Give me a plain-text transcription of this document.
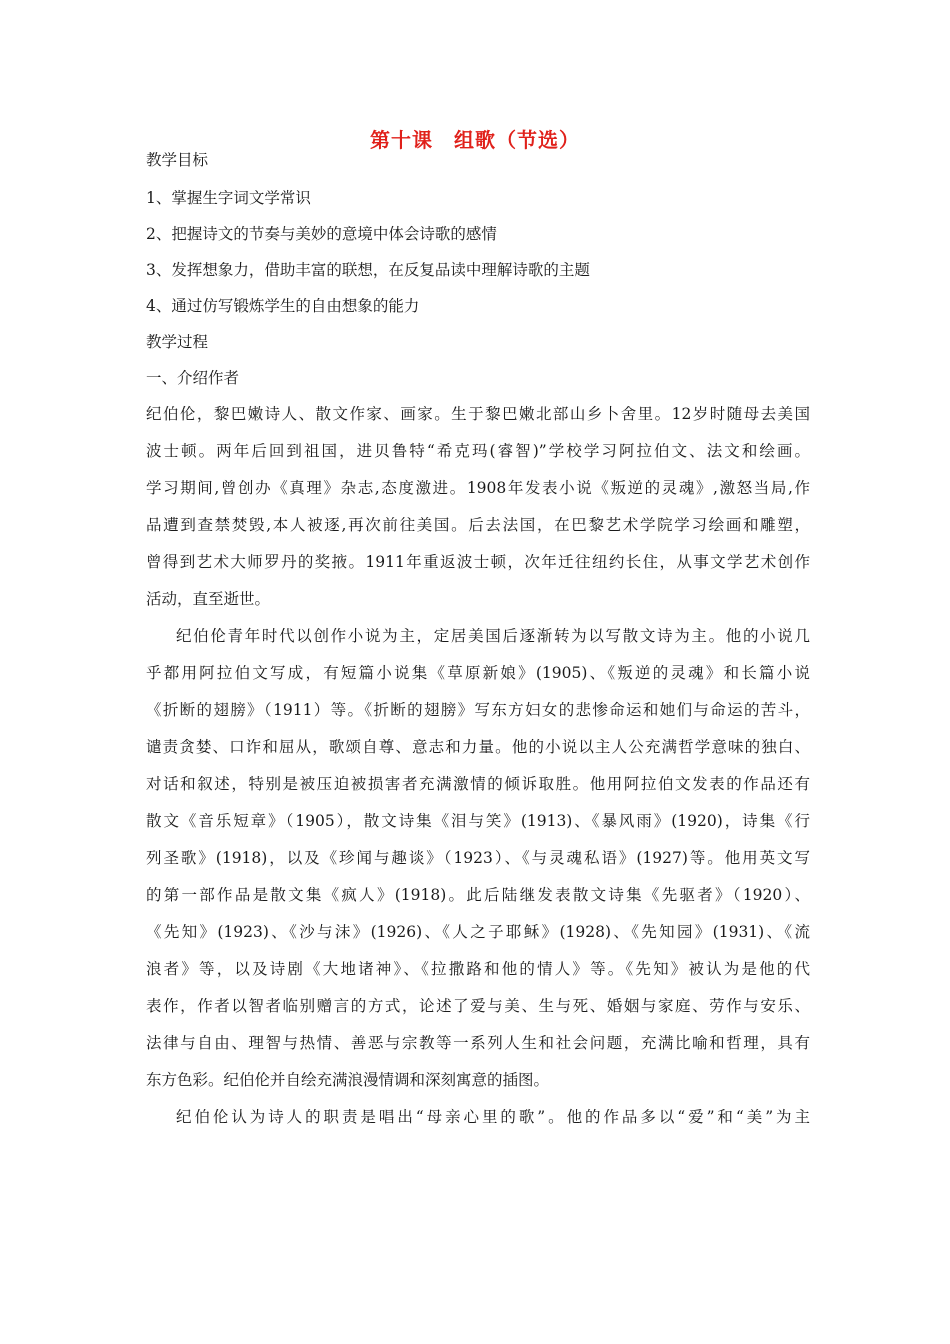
第十课　组歌（节选）
教学目标
1、掌握生字词文学常识
2、把握诗文的节奏与美妙的意境中体会诗歌的感情
3、发挥想象力，借助丰富的联想，在反复品读中理解诗歌的主题
4、通过仿写锻炼学生的自由想象的能力
教学过程
一、介绍作者
纪伯伦，黎巴嫩诗人、散文作家、画家。生于黎巴嫩北部山乡卜舍里。12岁时随母去美国
波士顿。两年后回到祖国，进贝鲁特“希克玛(睿智)”学校学习阿拉伯文、法文和绘画。
学习期间,曾创办《真理》杂志,态度激进。1908年发表小说《叛逆的灵魂》,激怒当局,作
品遭到查禁焚毁,本人被逐,再次前往美国。后去法国，在巴黎艺术学院学习绘画和雕塑，
曾得到艺术大师罗丹的奖掖。1911年重返波士顿，次年迁往纽约长住，从事文学艺术创作
活动，直至逝世。
纪伯伦青年时代以创作小说为主，定居美国后逐渐转为以写散文诗为主。他的小说几
乎都用阿拉伯文写成，有短篇小说集《草原新娘》(1905)、《叛逆的灵魂》和长篇小说
《折断的翅膀》（1911）等。《折断的翅膀》写东方妇女的悲惨命运和她们与命运的苦斗，
谴责贪婪、口诈和屈从，歌颂自尊、意志和力量。他的小说以主人公充满哲学意味的独白、
对话和叙述，特别是被压迫被损害者充满激情的倾诉取胜。他用阿拉伯文发表的作品还有
散文《音乐短章》（1905），散文诗集《泪与笑》(1913)、《暴风雨》(1920)，诗集《行
列圣歌》(1918)，以及《珍闻与趣谈》（1923）、《与灵魂私语》(1927)等。他用英文写
的第一部作品是散文集《疯人》(1918)。此后陆继发表散文诗集《先驱者》（1920）、
《先知》(1923)、《沙与沫》(1926)、《人之子耶稣》(1928)、《先知园》(1931)、《流
浪者》等，以及诗剧《大地诸神》、《拉撒路和他的情人》等。《先知》被认为是他的代
表作，作者以智者临别赠言的方式，论述了爱与美、生与死、婚姻与家庭、劳作与安乐、
法律与自由、理智与热情、善恶与宗教等一系列人生和社会问题，充满比喻和哲理，具有
东方色彩。纪伯伦并自绘充满浪漫情调和深刻寓意的插图。
纪伯伦认为诗人的职责是唱出“母亲心里的歌”。他的作品多以“爱”和“美”为主
